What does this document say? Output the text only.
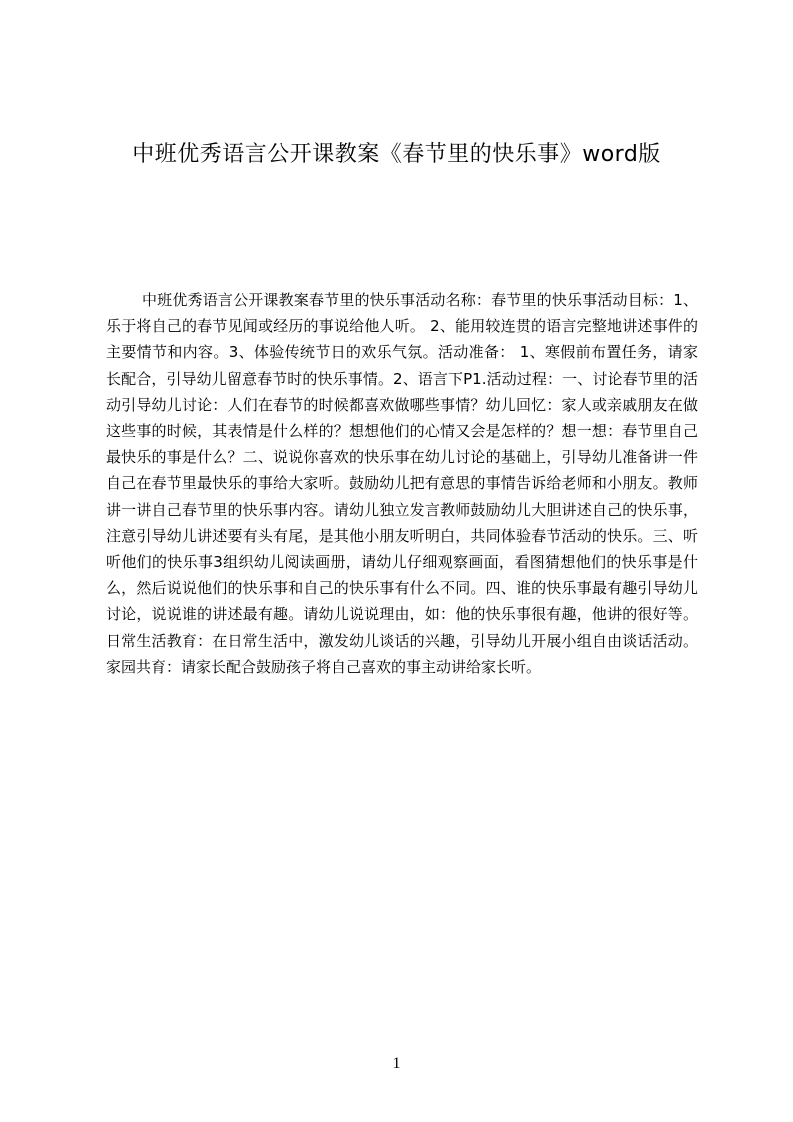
中班优秀语言公开课教案《春节里的快乐事》word版

中班优秀语言公开课教案春节里的快乐事活动名称：春节里的快乐事活动目标：1、乐于将自己的春节见闻或经历的事说给他人听。 2、能用较连贯的语言完整地讲述事件的主要情节和内容。3、体验传统节日的欢乐气氛。活动准备： 1、寒假前布置任务，请家长配合，引导幼儿留意春节时的快乐事情。2、语言下P1.活动过程：一、讨论春节里的活动引导幼儿讨论：人们在春节的时候都喜欢做哪些事情？幼儿回忆：家人或亲戚朋友在做这些事的时候，其表情是什么样的？想想他们的心情又会是怎样的？想一想：春节里自己最快乐的事是什么？二、说说你喜欢的快乐事在幼儿讨论的基础上，引导幼儿准备讲一件自己在春节里最快乐的事给大家听。鼓励幼儿把有意思的事情告诉给老师和小朋友。教师讲一讲自己春节里的快乐事内容。请幼儿独立发言教师鼓励幼儿大胆讲述自己的快乐事，注意引导幼儿讲述要有头有尾，是其他小朋友听明白，共同体验春节活动的快乐。三、听听他们的快乐事3组织幼儿阅读画册，请幼儿仔细观察画面，看图猜想他们的快乐事是什么，然后说说他们的快乐事和自己的快乐事有什么不同。四、谁的快乐事最有趣引导幼儿讨论，说说谁的讲述最有趣。请幼儿说说理由，如：他的快乐事很有趣，他讲的很好等。日常生活教育：在日常生活中，激发幼儿谈话的兴趣，引导幼儿开展小组自由谈话活动。家园共育：请家长配合鼓励孩子将自己喜欢的事主动讲给家长听。

1
